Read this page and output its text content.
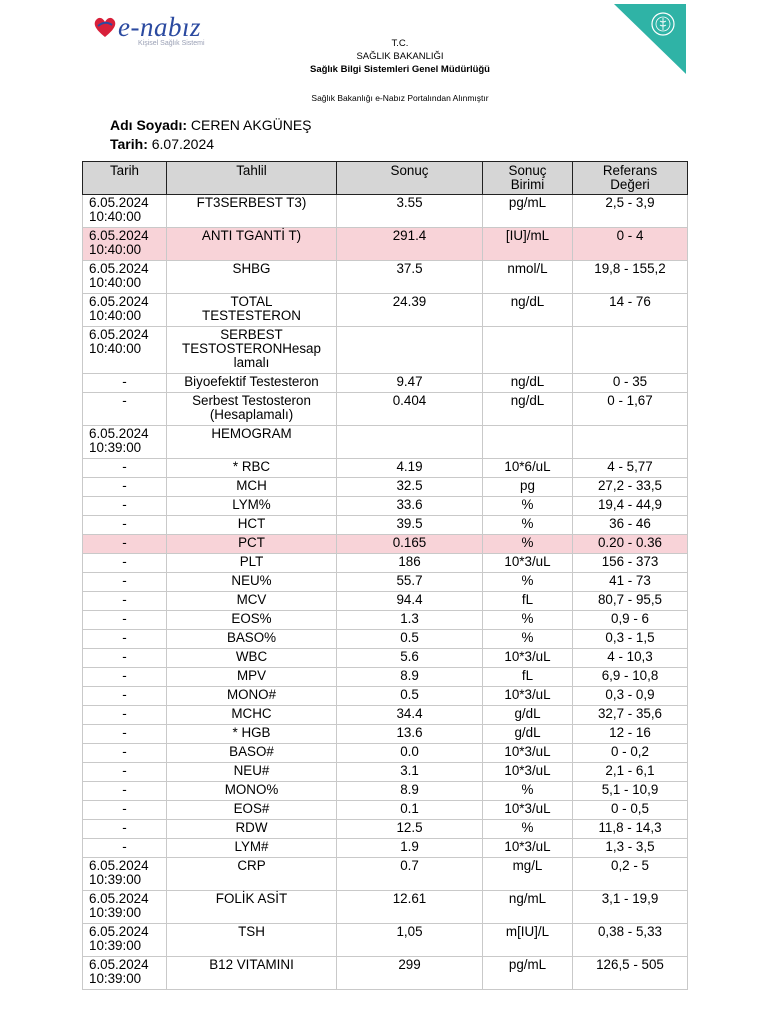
e-nabız
Kişisel Sağlık Sistemi	T.C.
SAĞLIK BAKANLIĞI
Sağlık Bilgi Sistemleri Genel Müdürlüğü
Sağlık Bakanlığı e-Nabız Portalından Alınmıştır
Adı Soyadı: CEREN AKGÜNEŞ
Tarih: 6.07.2024
Tarih	Tahlil	Sonuç	Sonuç
Birimi	Referans
Değeri
6.05.2024
10:40:00	FT3SERBEST T3)	3.55	pg/mL	2,5 - 3,9
6.05.2024
10:40:00	ANTI TGANTİ T)	291.4	[IU]/mL	0 - 4
6.05.2024
10:40:00	SHBG	37.5	nmol/L	19,8 - 155,2
6.05.2024
10:40:00	TOTAL
TESTESTERON	24.39	ng/dL	14 - 76
6.05.2024
10:40:00	SERBEST
TESTOSTERONHesap
lamalı			
-	Biyoefektif Testesteron	9.47	ng/dL	0 - 35
-	Serbest Testosteron
(Hesaplamalı)	0.404	ng/dL	0 - 1,67
6.05.2024
10:39:00	HEMOGRAM			
-	* RBC	4.19	10*6/uL	4 - 5,77
-	MCH	32.5	pg	27,2 - 33,5
-	LYM%	33.6	%	19,4 - 44,9
-	HCT	39.5	%	36 - 46
-	PCT	0.165	%	0.20 - 0.36
-	PLT	186	10*3/uL	156 - 373
-	NEU%	55.7	%	41 - 73
-	MCV	94.4	fL	80,7 - 95,5
-	EOS%	1.3	%	0,9 - 6
-	BASO%	0.5	%	0,3 - 1,5
-	WBC	5.6	10*3/uL	4 - 10,3
-	MPV	8.9	fL	6,9 - 10,8
-	MONO#	0.5	10*3/uL	0,3 - 0,9
-	MCHC	34.4	g/dL	32,7 - 35,6
-	* HGB	13.6	g/dL	12 - 16
-	BASO#	0.0	10*3/uL	0 - 0,2
-	NEU#	3.1	10*3/uL	2,1 - 6,1
-	MONO%	8.9	%	5,1 - 10,9
-	EOS#	0.1	10*3/uL	0 - 0,5
-	RDW	12.5	%	11,8 - 14,3
-	LYM#	1.9	10*3/uL	1,3 - 3,5
6.05.2024
10:39:00	CRP	0.7	mg/L	0,2 - 5
6.05.2024
10:39:00	FOLİK ASİT	12.61	ng/mL	3,1 - 19,9
6.05.2024
10:39:00	TSH	1,05	m[IU]/L	0,38 - 5,33
6.05.2024
10:39:00	B12 VITAMINI	299	pg/mL	126,5 - 505
